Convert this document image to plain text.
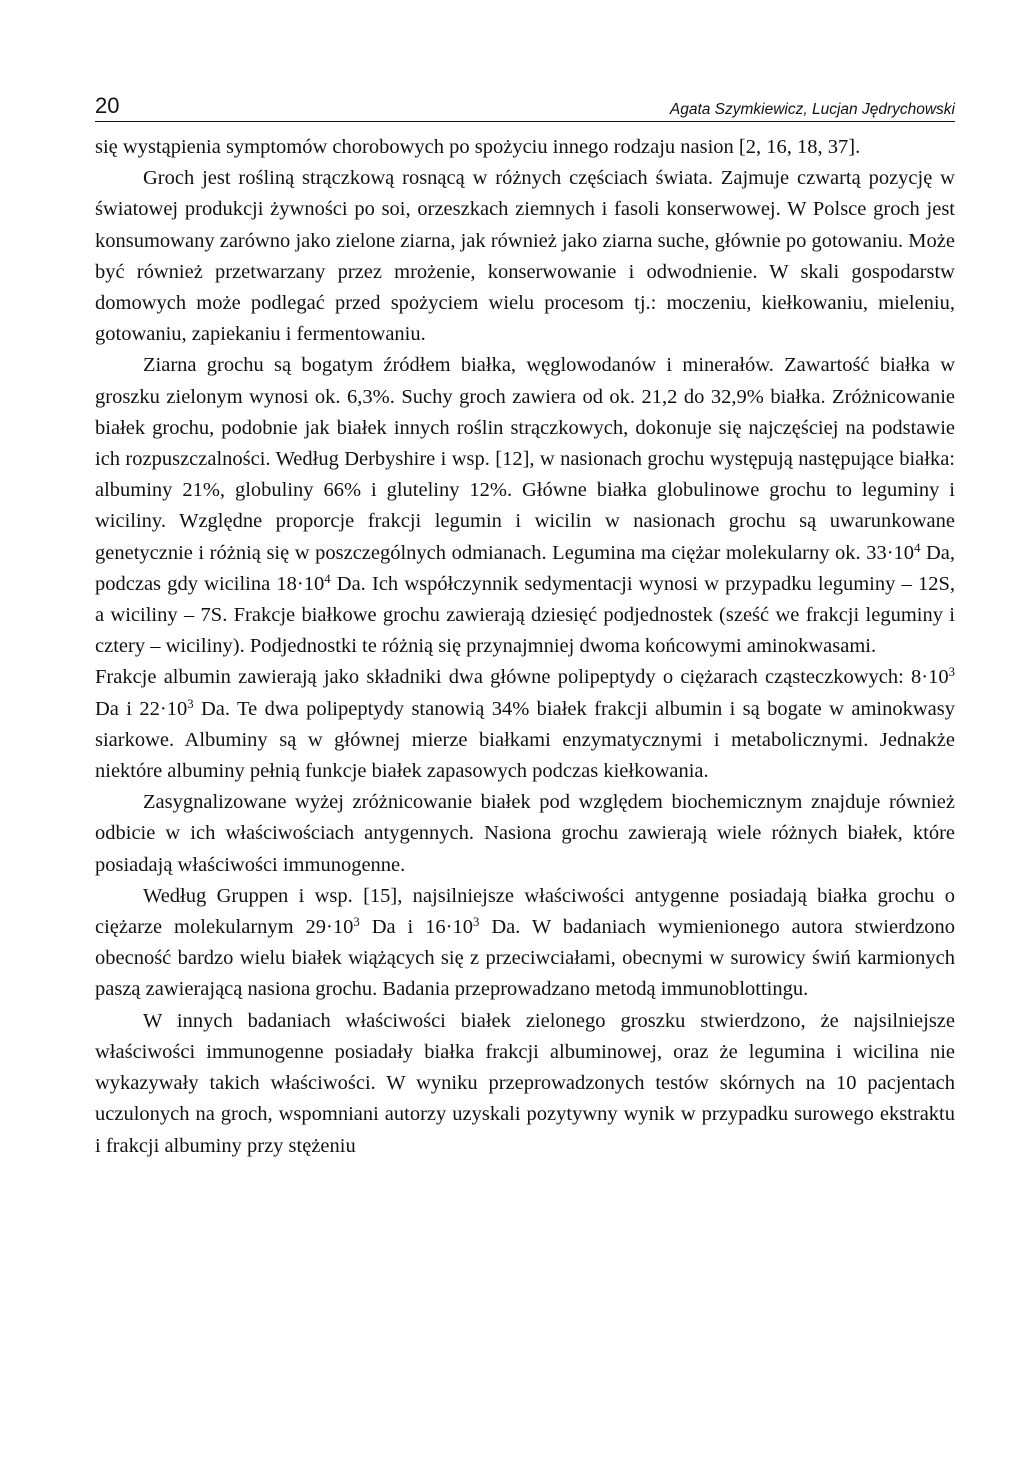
20	Agata Szymkiewicz, Lucjan Jędrychowski

się wystąpienia symptomów chorobowych po spożyciu innego rodzaju nasion [2, 16, 18, 37].

Groch jest rośliną strączkową rosnącą w różnych częściach świata. Zajmuje czwartą pozycję w światowej produkcji żywności po soi, orzeszkach ziemnych i fasoli konserwowej. W Polsce groch jest konsumowany zarówno jako zielone ziarna, jak również jako ziarna suche, głównie po gotowaniu. Może być również przetwarzany przez mrożenie, konserwowanie i odwodnienie. W skali gospodarstw domowych może podlegać przed spożyciem wielu procesom tj.: moczeniu, kiełkowaniu, mieleniu, gotowaniu, zapiekaniu i fermentowaniu.

Ziarna grochu są bogatym źródłem białka, węglowodanów i minerałów. Zawartość białka w groszku zielonym wynosi ok. 6,3%. Suchy groch zawiera od ok. 21,2 do 32,9% białka. Zróżnicowanie białek grochu, podobnie jak białek innych roślin strączkowych, dokonuje się najczęściej na podstawie ich rozpuszczalności. Według Derbyshire i wsp. [12], w nasionach grochu występują następujące białka: albuminy 21%, globuliny 66% i gluteliny 12%. Główne białka globulinowe grochu to leguminy i wiciliny. Względne proporcje frakcji legumin i wicilin w nasionach grochu są uwarunkowane genetycznie i różnią się w poszczególnych odmianach. Legumina ma ciężar molekularny ok. $33\cdot 10^4$ Da, podczas gdy wicilina $18\cdot 10^4$ Da. Ich współczynnik sedymentacji wynosi w przypadku leguminy – 12S, a wiciliny – 7S. Frakcje białkowe grochu zawierają dziesięć podjednostek (sześć we frakcji leguminy i cztery – wiciliny). Podjednostki te różnią się przynajmniej dwoma końcowymi aminokwasami.

Frakcje albumin zawierają jako składniki dwa główne polipeptydy o ciężarach cząsteczkowych: $8\cdot 10^3$ Da i $22\cdot 10^3$ Da. Te dwa polipeptydy stanowią 34% białek frakcji albumin i są bogate w aminokwasy siarkowe. Albuminy są w głównej mierze białkami enzymatycznymi i metabolicznymi. Jednakże niektóre albuminy pełnią funkcje białek zapasowych podczas kiełkowania.

Zasygnalizowane wyżej zróżnicowanie białek pod względem biochemicznym znajduje również odbicie w ich właściwościach antygennych. Nasiona grochu zawierają wiele różnych białek, które posiadają właściwości immunogenne.

Według Gruppen i wsp. [15], najsilniejsze właściwości antygenne posiadają białka grochu o ciężarze molekularnym $29\cdot 10^3$ Da i $16\cdot 10^3$ Da. W badaniach wymienionego autora stwierdzono obecność bardzo wielu białek wiążących się z przeciwciałami, obecnymi w surowicy świń karmionych paszą zawierającą nasiona grochu. Badania przeprowadzano metodą immunoblottingu.

W innych badaniach właściwości białek zielonego groszku stwierdzono, że najsilniejsze właściwości immunogenne posiadały białka frakcji albuminowej, oraz że legumina i wicilina nie wykazywały takich właściwości. W wyniku przeprowadzonych testów skórnych na 10 pacjentach uczulonych na groch, wspomniani autorzy uzyskali pozytywny wynik w przypadku surowego ekstraktu i frakcji albuminy przy stężeniu
